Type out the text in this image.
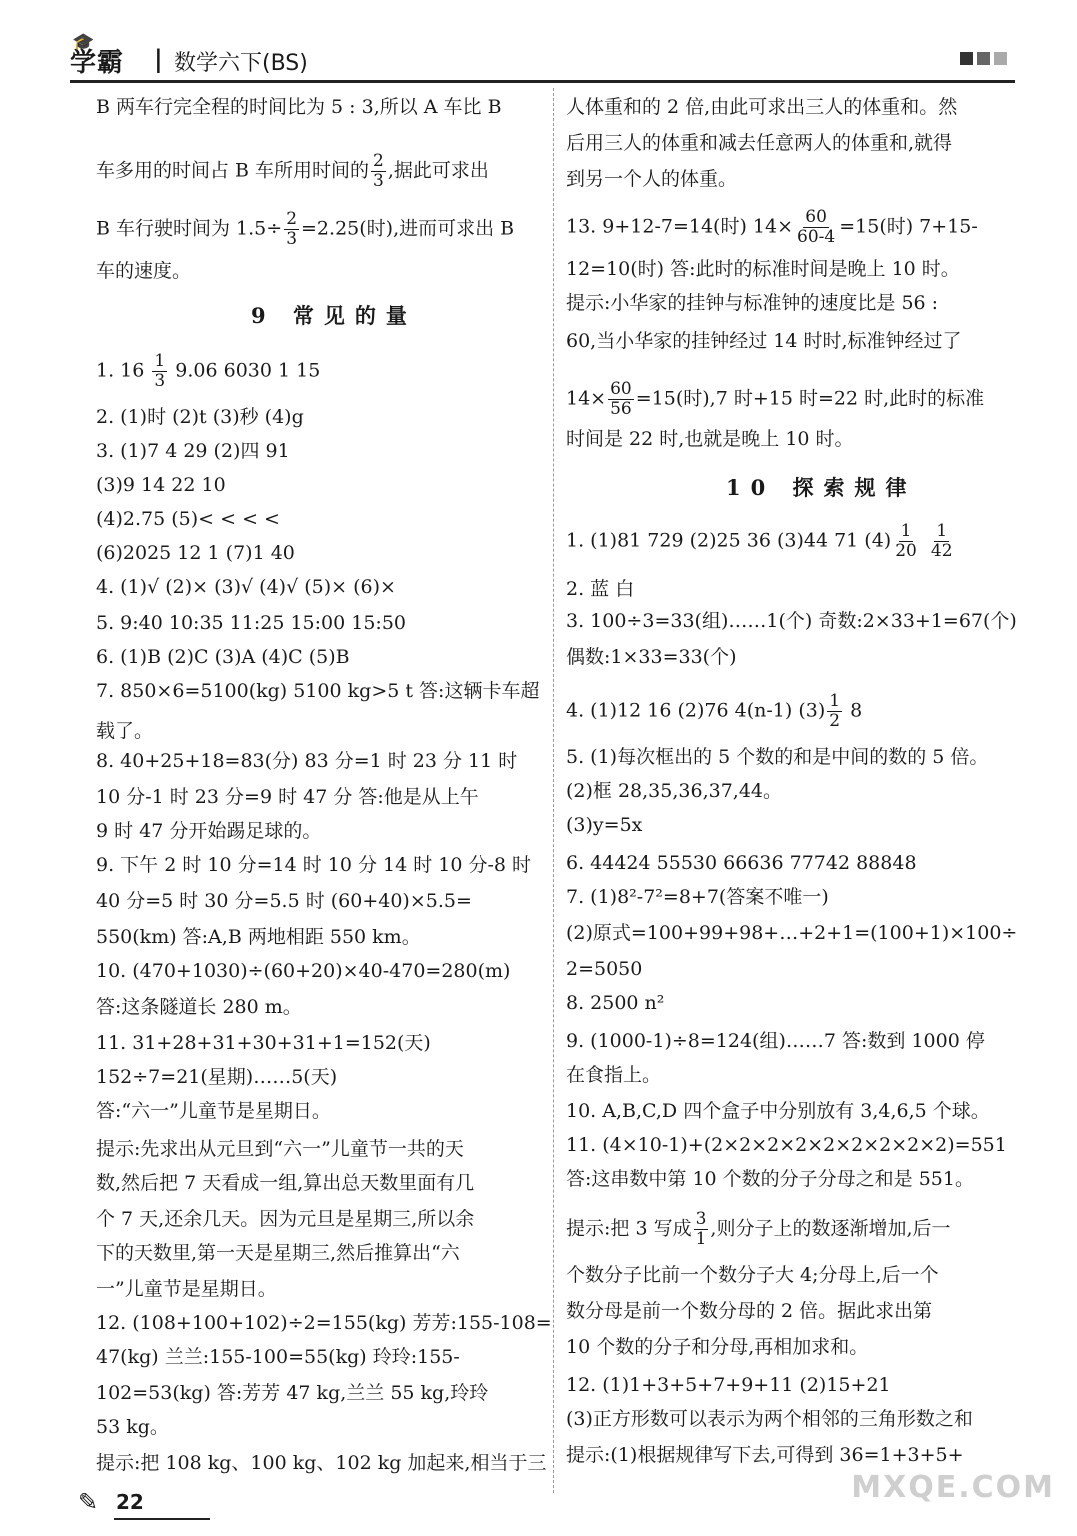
🎓
学霸 | 数学六下(BS)
B 两车行完全程的时间比为 5 : 3,所以 A 车比 B
车多用的时间占 B 车所用时间的 $\frac{2}{3}$ ,据此可求出
B 车行驶时间为 $1.5\div \frac{2}{3} =2.25$(时),进而可求出 B
车的速度。
9 常见的量
1. $16 \frac{1}{3} 9.06$ 6030 1 15
2. (1)时 (2)t (3)秒 (4)g
3. (1)7 4 29 (2)四 91
(3)9 14 22 10
(4)2.75 (5)< < < <
(6)2025 12 1 (7)1 40
4. (1)√ (2)× (3)√ (4)√ (5)× (6)×
5. 9:40 10:35 11:25 15:00 15:50
6. (1)B (2)C (3)A (4)C (5)B
7. 850×6=5100(kg) 5100 kg>5 t 答:这辆卡车超
载了。
8. 40+25+18=83(分) 83 分=1 时 23 分 11 时
10 分-1 时 23 分=9 时 47 分 答:他是从上午
9 时 47 分开始踢足球的。
9. 下午 2 时 10 分=14 时 10 分 14 时 10 分-8 时
40 分=5 时 30 分=5.5 时 (60+40)×5.5=
550(km) 答:A,B 两地相距 550 km。
10. (470+1030)÷(60+20)×40-470=280(m)
答:这条隧道长 280 m。
11. 31+28+31+30+31+1=152(天)
152÷7=21(星期)……5(天)
答:“六一”儿童节是星期日。
提示:先求出从元旦到“六一”儿童节一共的天
数,然后把 7 天看成一组,算出总天数里面有几
个 7 天,还余几天。因为元旦是星期三,所以余
下的天数里,第一天是星期三,然后推算出“六
一”儿童节是星期日。
12. (108+100+102)÷2=155(kg) 芳芳:155-108=
47(kg) 兰兰:155-100=55(kg) 玲玲:155-
102=53(kg) 答:芳芳 47 kg,兰兰 55 kg,玲玲
53 kg。
提示:把 108 kg、100 kg、102 kg 加起来,相当于三
人体重和的 2 倍,由此可求出三人的体重和。然
后用三人的体重和减去任意两人的体重和,就得
到另一个人的体重。
13. 9+12-7=14(时) $14\times \frac{60}{60-4} =15$(时) 7+15-
12=10(时) 答:此时的标准时间是晚上 10 时。
提示:小华家的挂钟与标准钟的速度比是 56 :
60,当小华家的挂钟经过 14 时时,标准钟经过了
$14\times \frac{60}{56} =15$(时),7 时+15 时=22 时,此时的标准
时间是 22 时,也就是晚上 10 时。
10 探索规律
1. (1)81 729 (2)25 36 (3)44 71 $(4) \frac{1}{20}$
$\frac{1}{42}$
2. 蓝 白
3. 100÷3=33(组)……1(个) 奇数:2×33+1=67(个)
偶数:1×33=33(个)
4. (1)12 16 (2)76 4(n-1) $(3) \frac{1}{2} 8$
5. (1)每次框出的 5 个数的和是中间的数的 5 倍。
(2)框 28,35,36,37,44。
(3)y=5x
6. 44424 55530 66636 77742 88848
7. (1)8²-7²=8+7(答案不唯一)
(2)原式=100+99+98+…+2+1=(100+1)×100÷
2=5050
8. 2500 n²
9. (1000-1)÷8=124(组)……7 答:数到 1000 停
在食指上。
10. A,B,C,D 四个盒子中分别放有 3,4,6,5 个球。
11. (4×10-1)+(2×2×2×2×2×2×2×2×2)=551
答:这串数中第 10 个数的分子分母之和是 551。
提示:把 3 写成 $\frac{3}{1}$ ,则分子上的数逐渐增加,后一
个数分子比前一个数分子大 4;分母上,后一个
数分母是前一个数分母的 2 倍。据此求出第
10 个数的分子和分母,再相加求和。
12. (1)1+3+5+7+9+11 (2)15+21
(3)正方形数可以表示为两个相邻的三角形数之和
提示:(1)根据规律写下去,可得到 36=1+3+5+
✎ 22	MXQE.COM
